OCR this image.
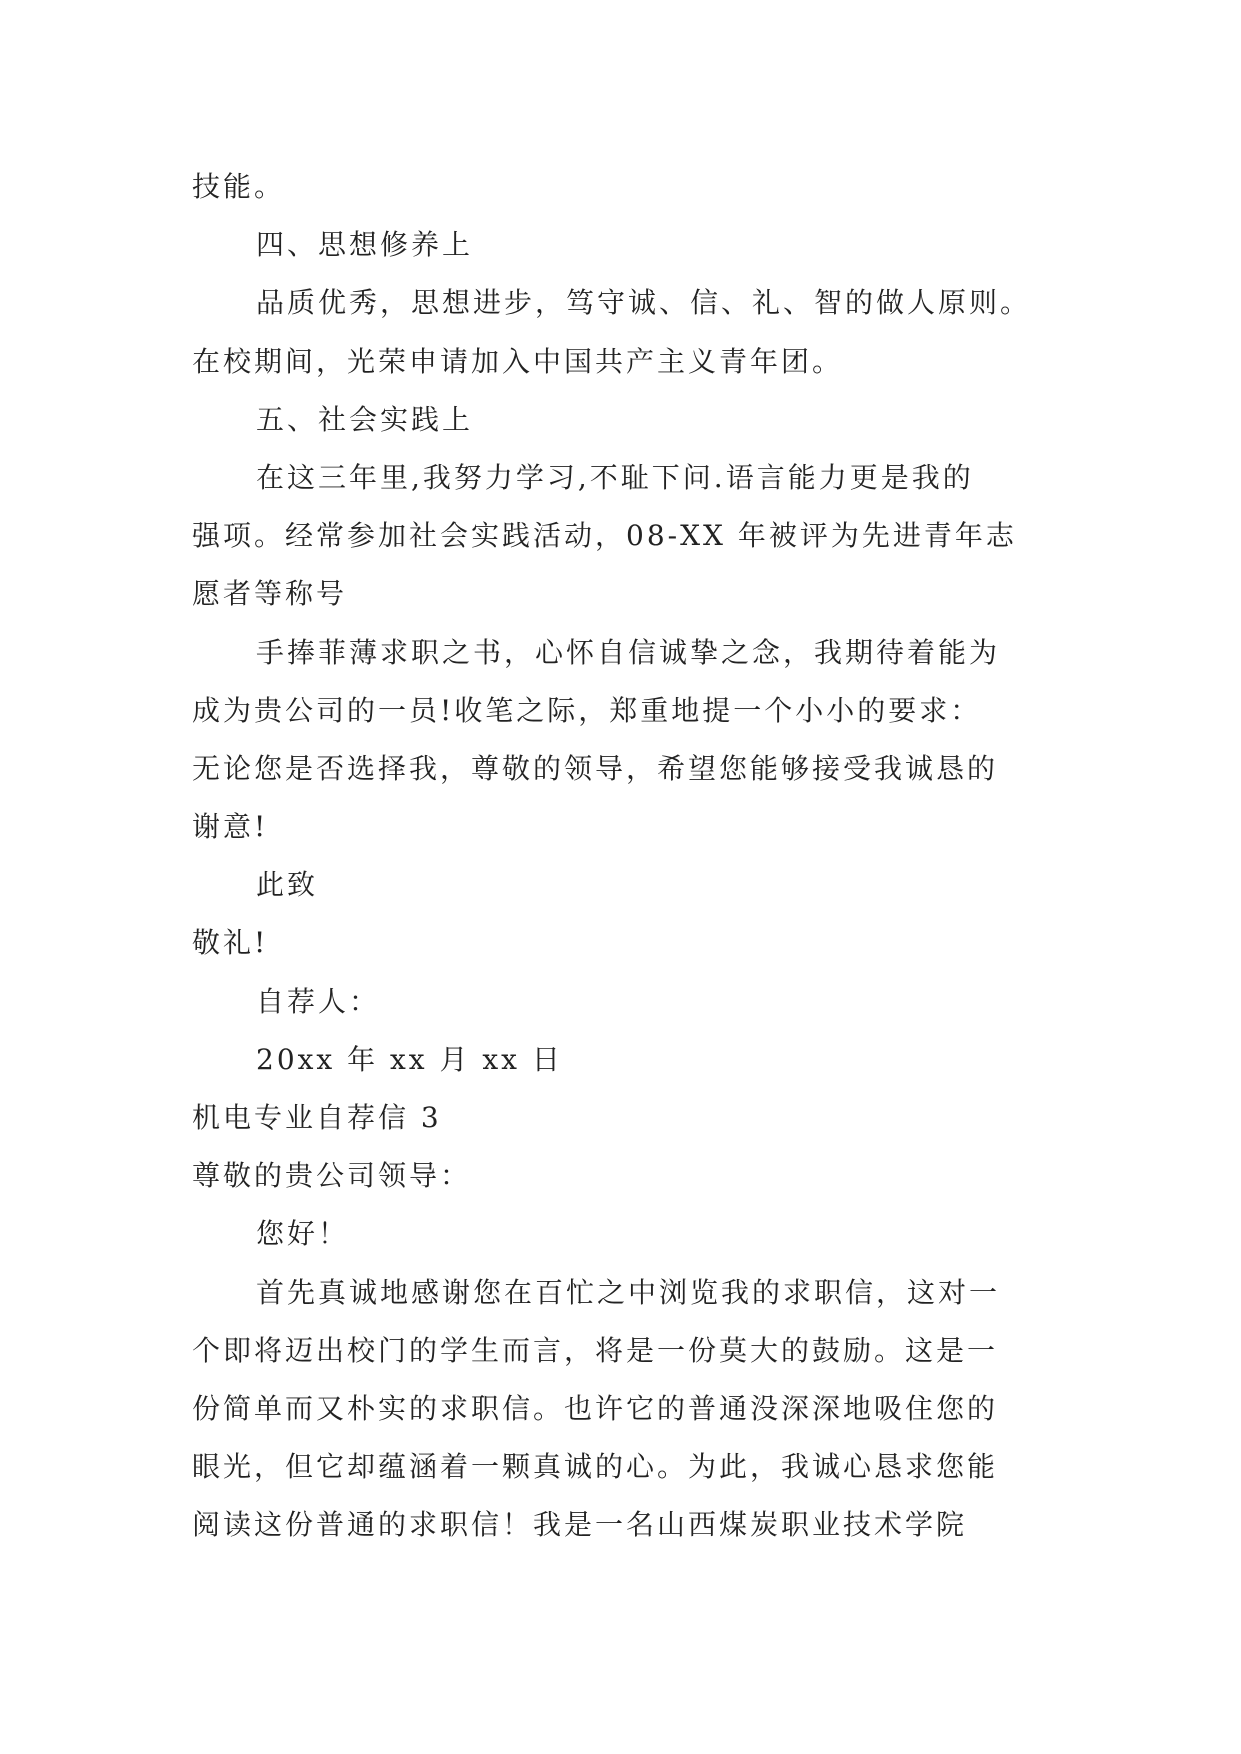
技能。
四、思想修养上
品质优秀，思想进步，笃守诚、信、礼、智的做人原则。
在校期间，光荣申请加入中国共产主义青年团。
五、社会实践上
在这三年里,我努力学习,不耻下问.语言能力更是我的
强项。经常参加社会实践活动，08-XX 年被评为先进青年志
愿者等称号
手捧菲薄求职之书，心怀自信诚挚之念，我期待着能为
成为贵公司的一员!收笔之际，郑重地提一个小小的要求：
无论您是否选择我，尊敬的领导，希望您能够接受我诚恳的
谢意!
此致
敬礼!
自荐人：
20xx 年 xx 月 xx 日
机电专业自荐信 3
尊敬的贵公司领导：
您好！
首先真诚地感谢您在百忙之中浏览我的求职信，这对一
个即将迈出校门的学生而言，将是一份莫大的鼓励。这是一
份简单而又朴实的求职信。也许它的普通没深深地吸住您的
眼光，但它却蕴涵着一颗真诚的心。为此，我诚心恳求您能
阅读这份普通的求职信！我是一名山西煤炭职业技术学院
